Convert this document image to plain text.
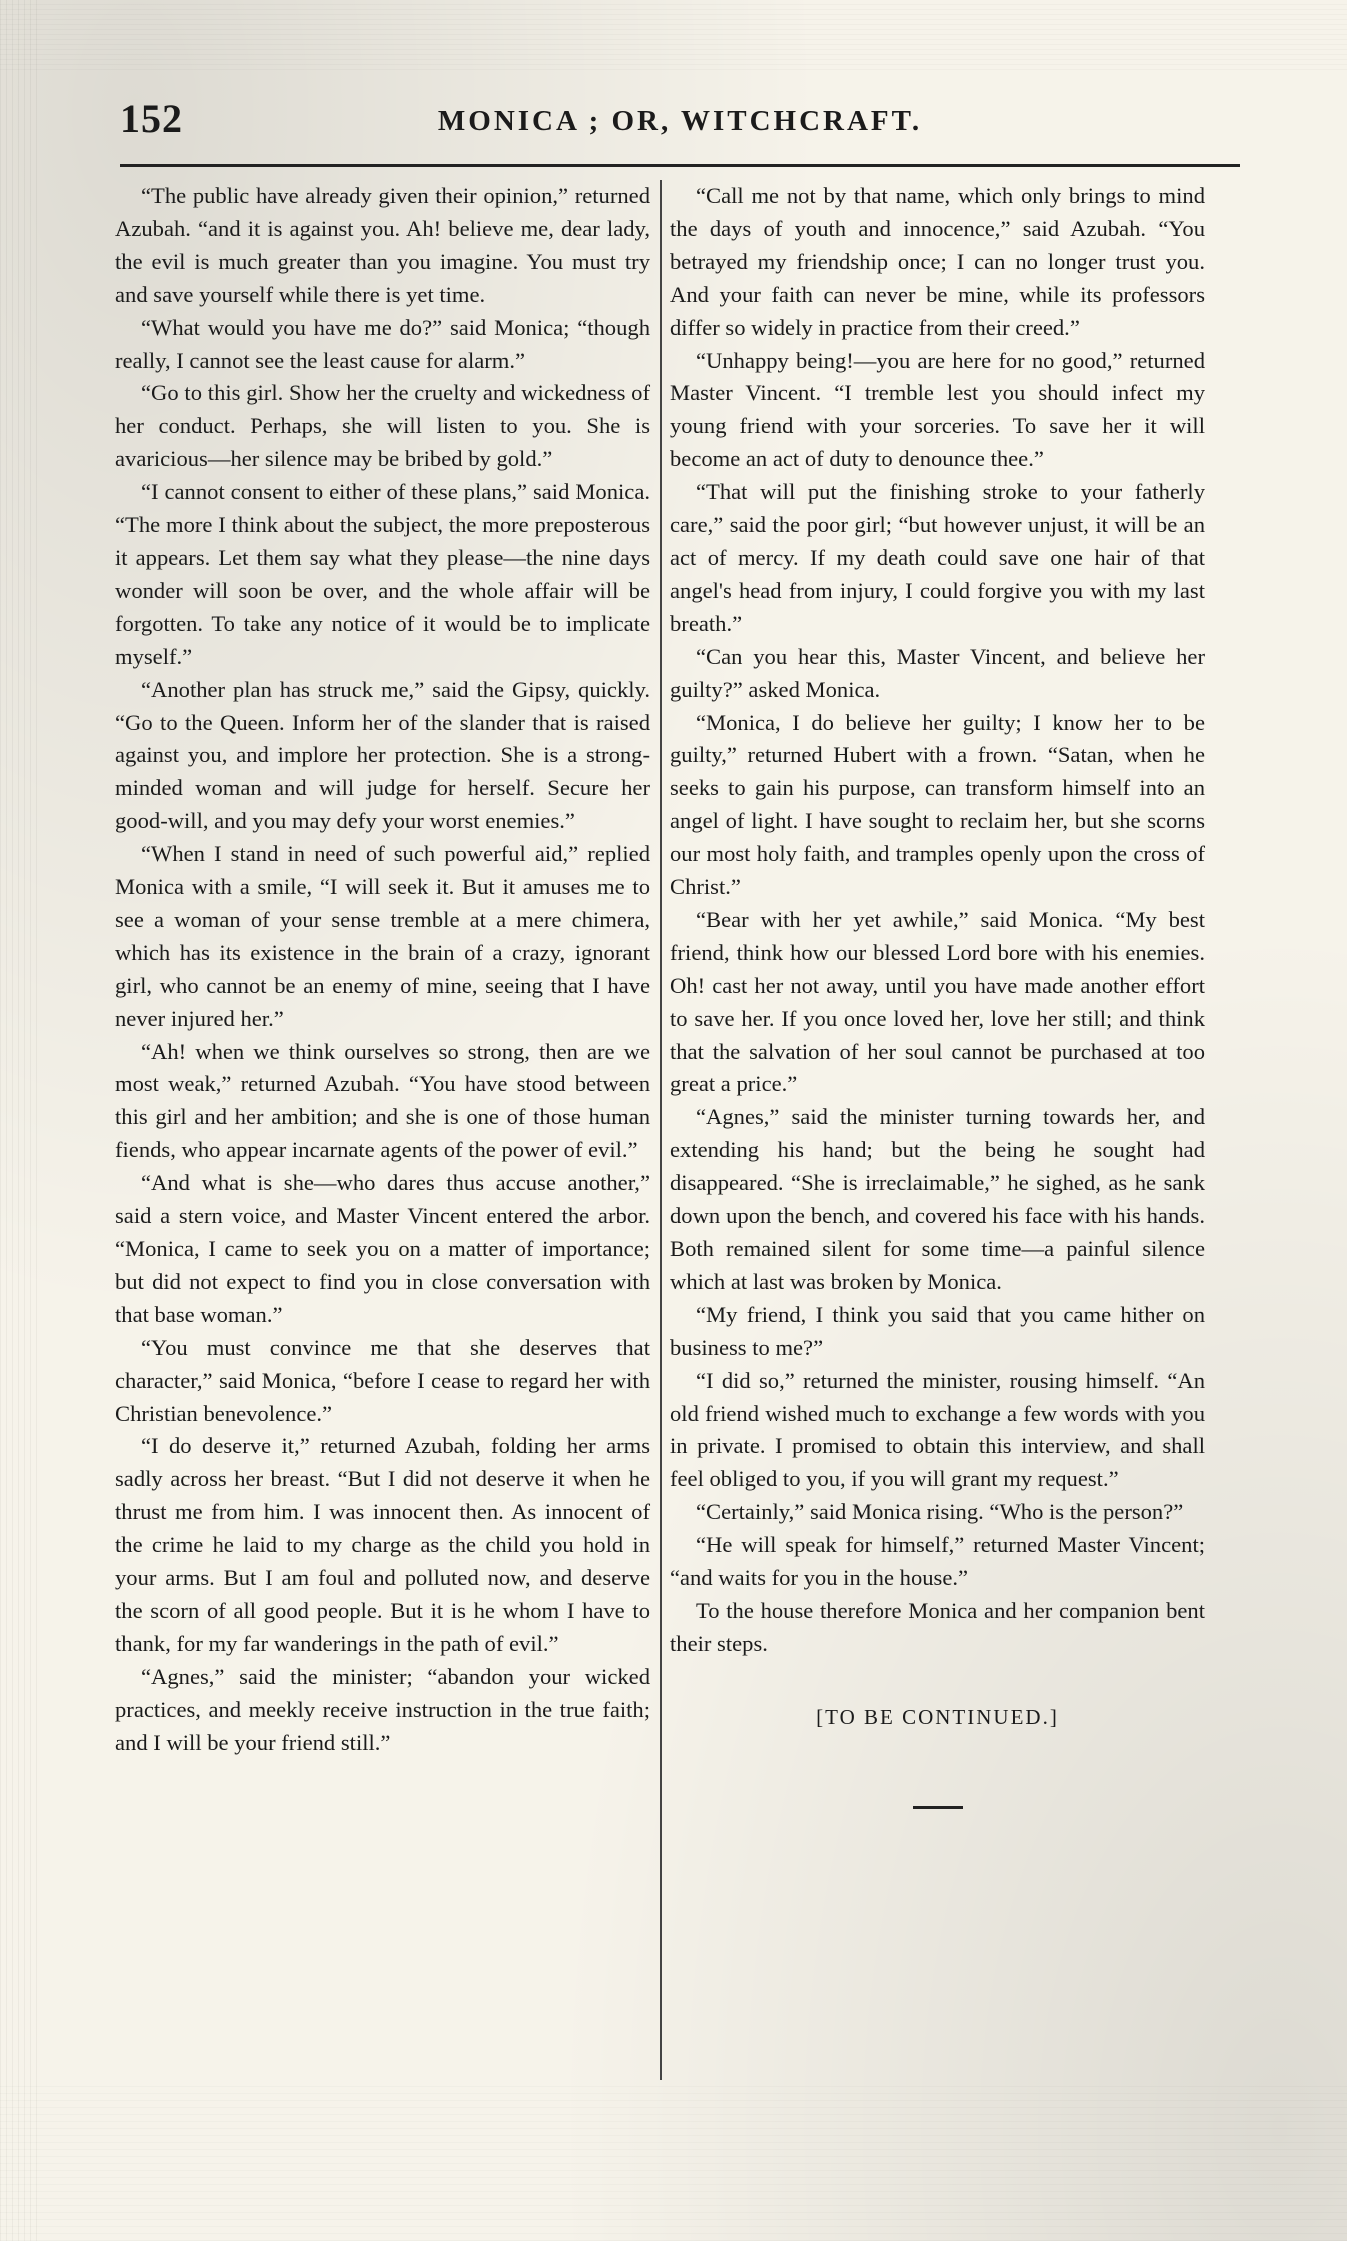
152	MONICA ; OR, WITCHCRAFT.

“The public have already given their opinion,” returned Azubah. “and it is against you. Ah! believe me, dear lady, the evil is much greater than you imagine. You must try and save yourself while there is yet time.

“What would you have me do?” said Monica; “though really, I cannot see the least cause for alarm.”

“Go to this girl. Show her the cruelty and wickedness of her conduct. Perhaps, she will listen to you. She is avaricious—her silence may be bribed by gold.”

“I cannot consent to either of these plans,” said Monica. “The more I think about the subject, the more preposterous it appears. Let them say what they please—the nine days wonder will soon be over, and the whole affair will be forgotten. To take any notice of it would be to implicate myself.”

“Another plan has struck me,” said the Gipsy, quickly. “Go to the Queen. Inform her of the slander that is raised against you, and implore her protection. She is a strong-minded woman and will judge for herself. Secure her good-will, and you may defy your worst enemies.”

“When I stand in need of such powerful aid,” replied Monica with a smile, “I will seek it. But it amuses me to see a woman of your sense tremble at a mere chimera, which has its existence in the brain of a crazy, ignorant girl, who cannot be an enemy of mine, seeing that I have never injured her.”

“Ah! when we think ourselves so strong, then are we most weak,” returned Azubah. “You have stood between this girl and her ambition; and she is one of those human fiends, who appear incarnate agents of the power of evil.”

“And what is she—who dares thus accuse another,” said a stern voice, and Master Vincent entered the arbor. “Monica, I came to seek you on a matter of importance; but did not expect to find you in close conversation with that base woman.”

“You must convince me that she deserves that character,” said Monica, “before I cease to regard her with Christian benevolence.”

“I do deserve it,” returned Azubah, folding her arms sadly across her breast. “But I did not deserve it when he thrust me from him. I was innocent then. As innocent of the crime he laid to my charge as the child you hold in your arms. But I am foul and polluted now, and deserve the scorn of all good people. But it is he whom I have to thank, for my far wanderings in the path of evil.”

“Agnes,” said the minister; “abandon your wicked practices, and meekly receive instruction in the true faith; and I will be your friend still.”

“Call me not by that name, which only brings to mind the days of youth and innocence,” said Azubah. “You betrayed my friendship once; I can no longer trust you. And your faith can never be mine, while its professors differ so widely in practice from their creed.”

“Unhappy being!—you are here for no good,” returned Master Vincent. “I tremble lest you should infect my young friend with your sorceries. To save her it will become an act of duty to denounce thee.”

“That will put the finishing stroke to your fatherly care,” said the poor girl; “but however unjust, it will be an act of mercy. If my death could save one hair of that angel's head from injury, I could forgive you with my last breath.”

“Can you hear this, Master Vincent, and believe her guilty?” asked Monica.

“Monica, I do believe her guilty; I know her to be guilty,” returned Hubert with a frown. “Satan, when he seeks to gain his purpose, can transform himself into an angel of light. I have sought to reclaim her, but she scorns our most holy faith, and tramples openly upon the cross of Christ.”

“Bear with her yet awhile,” said Monica. “My best friend, think how our blessed Lord bore with his enemies. Oh! cast her not away, until you have made another effort to save her. If you once loved her, love her still; and think that the salvation of her soul cannot be purchased at too great a price.”

“Agnes,” said the minister turning towards her, and extending his hand; but the being he sought had disappeared. “She is irreclaimable,” he sighed, as he sank down upon the bench, and covered his face with his hands. Both remained silent for some time—a painful silence which at last was broken by Monica.

“My friend, I think you said that you came hither on business to me?”

“I did so,” returned the minister, rousing himself. “An old friend wished much to exchange a few words with you in private. I promised to obtain this interview, and shall feel obliged to you, if you will grant my request.”

“Certainly,” said Monica rising. “Who is the person?”

“He will speak for himself,” returned Master Vincent; “and waits for you in the house.”

To the house therefore Monica and her companion bent their steps.

[TO BE CONTINUED.]
